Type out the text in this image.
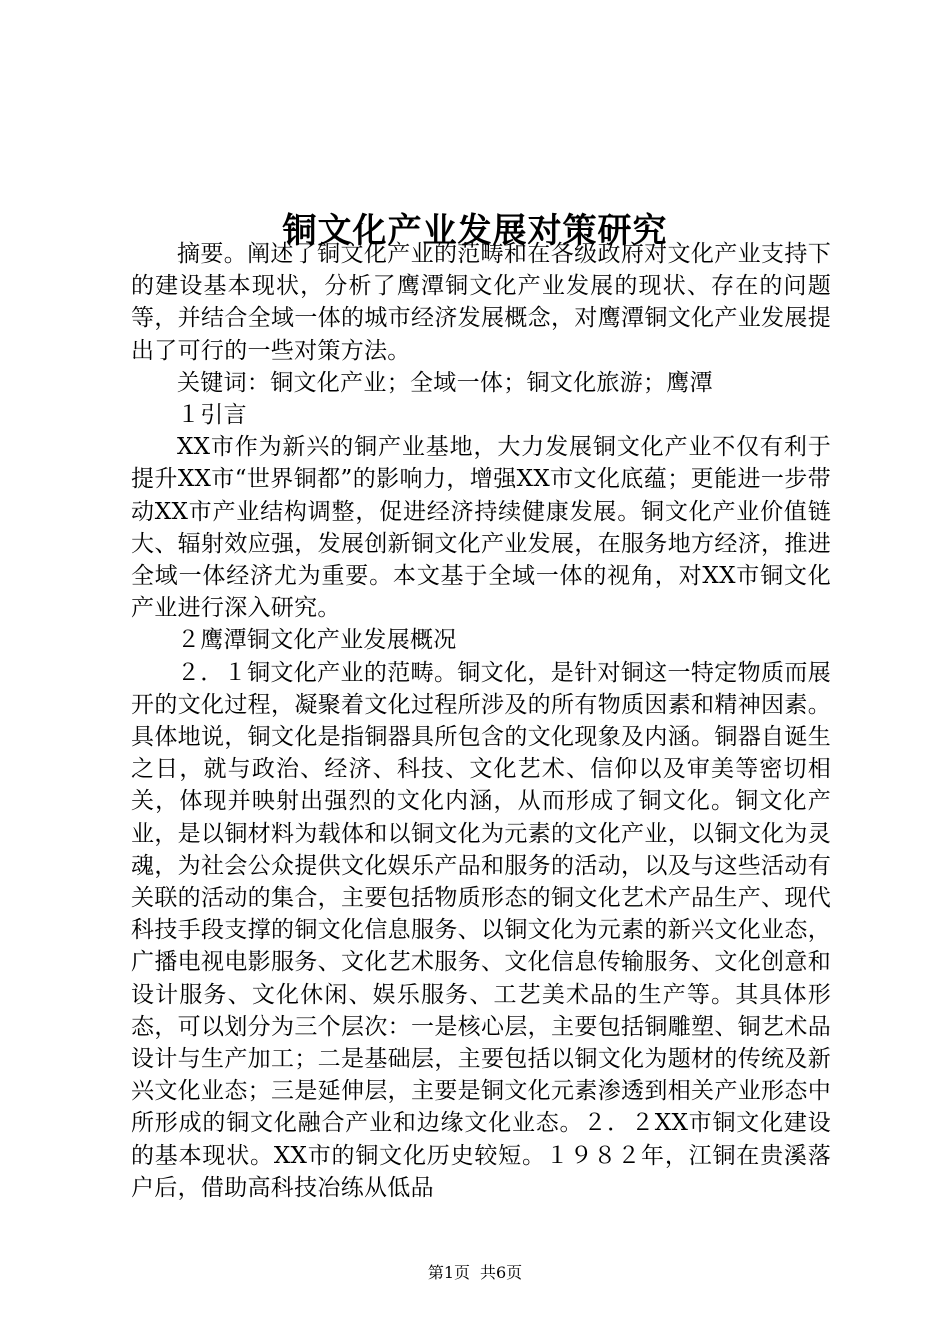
铜文化产业发展对策研究

摘要。阐述了铜文化产业的范畴和在各级政府对文化产业支持下的建设基本现状，分析了鹰潭铜文化产业发展的现状、存在的问题等，并结合全域一体的城市经济发展概念，对鹰潭铜文化产业发展提出了可行的一些对策方法。

关键词：铜文化产业；全域一体；铜文化旅游；鹰潭

１引言

XX市作为新兴的铜产业基地，大力发展铜文化产业不仅有利于提升XX市“世界铜都”的影响力，增强XX市文化底蕴；更能进一步带动XX市产业结构调整，促进经济持续健康发展。铜文化产业价值链大、辐射效应强，发展创新铜文化产业发展，在服务地方经济，推进全域一体经济尤为重要。本文基于全域一体的视角，对XX市铜文化产业进行深入研究。

２鹰潭铜文化产业发展概况

２．１铜文化产业的范畴。铜文化，是针对铜这一特定物质而展开的文化过程，凝聚着文化过程所涉及的所有物质因素和精神因素。具体地说，铜文化是指铜器具所包含的文化现象及内涵。铜器自诞生之日，就与政治、经济、科技、文化艺术、信仰以及审美等密切相关，体现并映射出强烈的文化内涵，从而形成了铜文化。铜文化产业，是以铜材料为载体和以铜文化为元素的文化产业，以铜文化为灵魂，为社会公众提供文化娱乐产品和服务的活动，以及与这些活动有关联的活动的集合，主要包括物质形态的铜文化艺术产品生产、现代科技手段支撑的铜文化信息服务、以铜文化为元素的新兴文化业态，广播电视电影服务、文化艺术服务、文化信息传输服务、文化创意和设计服务、文化休闲、娱乐服务、工艺美术品的生产等。其具体形态，可以划分为三个层次：一是核心层，主要包括铜雕塑、铜艺术品设计与生产加工；二是基础层，主要包括以铜文化为题材的传统及新兴文化业态；三是延伸层，主要是铜文化元素渗透到相关产业形态中所形成的铜文化融合产业和边缘文化业态。２．２XX市铜文化建设的基本现状。XX市的铜文化历史较短。１９８２年，江铜在贵溪落户后，借助高科技冶练从低品

第1页 共6页
